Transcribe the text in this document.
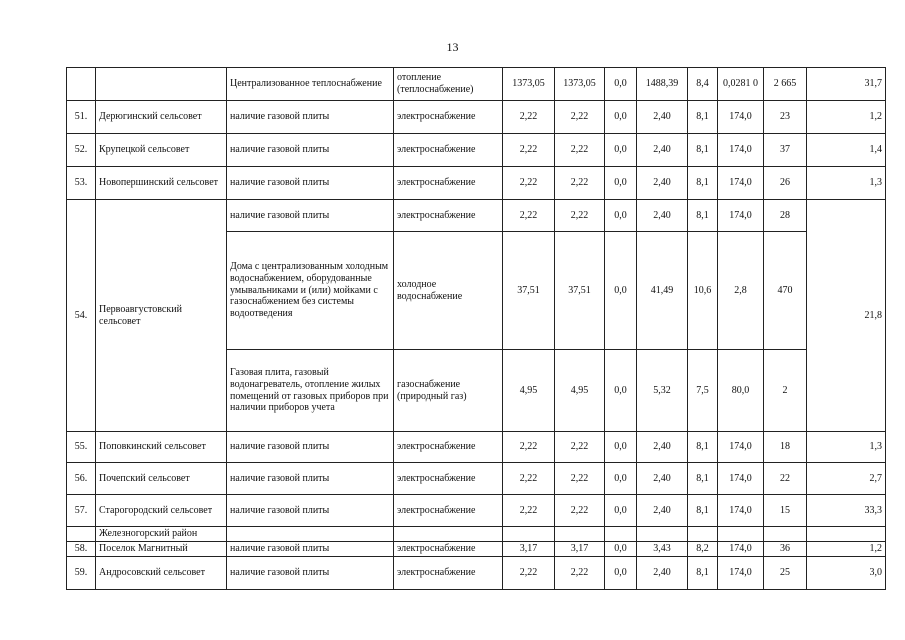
13
		Централизованное теплоснабжение	отопление (теплоснабжение)	1373,05	1373,05	0,0	1488,39	8,4	0,0281 0	2 665	31,7
51.	Дерюгинский сельсовет	наличие газовой плиты	электроснабжение	2,22	2,22	0,0	2,40	8,1	174,0	23	1,2
52.	Крупецкой сельсовет	наличие газовой плиты	электроснабжение	2,22	2,22	0,0	2,40	8,1	174,0	37	1,4
53.	Новопершинский сельсовет	наличие газовой плиты	электроснабжение	2,22	2,22	0,0	2,40	8,1	174,0	26	1,3
54.	Первоавгустовский сельсовет	наличие газовой плиты	электроснабжение	2,22	2,22	0,0	2,40	8,1	174,0	28	21,8
		Дома с централизованным холодным водоснабжением, оборудованные умывальниками и (или) мойками с газоснабжением без системы водоотведения	холодное водоснабжение	37,51	37,51	0,0	41,49	10,6	2,8	470	
		Газовая плита, газовый водонагреватель, отопление жилых помещений от газовых приборов при наличии приборов учета	газоснабжение (природный газ)	4,95	4,95	0,0	5,32	7,5	80,0	2	
55.	Поповкинский сельсовет	наличие газовой плиты	электроснабжение	2,22	2,22	0,0	2,40	8,1	174,0	18	1,3
56.	Почепский сельсовет	наличие газовой плиты	электроснабжение	2,22	2,22	0,0	2,40	8,1	174,0	22	2,7
57.	Старогородский сельсовет	наличие газовой плиты	электроснабжение	2,22	2,22	0,0	2,40	8,1	174,0	15	33,3
	Железногорский район										
58.	Поселок Магнитный	наличие газовой плиты	электроснабжение	3,17	3,17	0,0	3,43	8,2	174,0	36	1,2
59.	Андросовский сельсовет	наличие газовой плиты	электроснабжение	2,22	2,22	0,0	2,40	8,1	174,0	25	3,0
